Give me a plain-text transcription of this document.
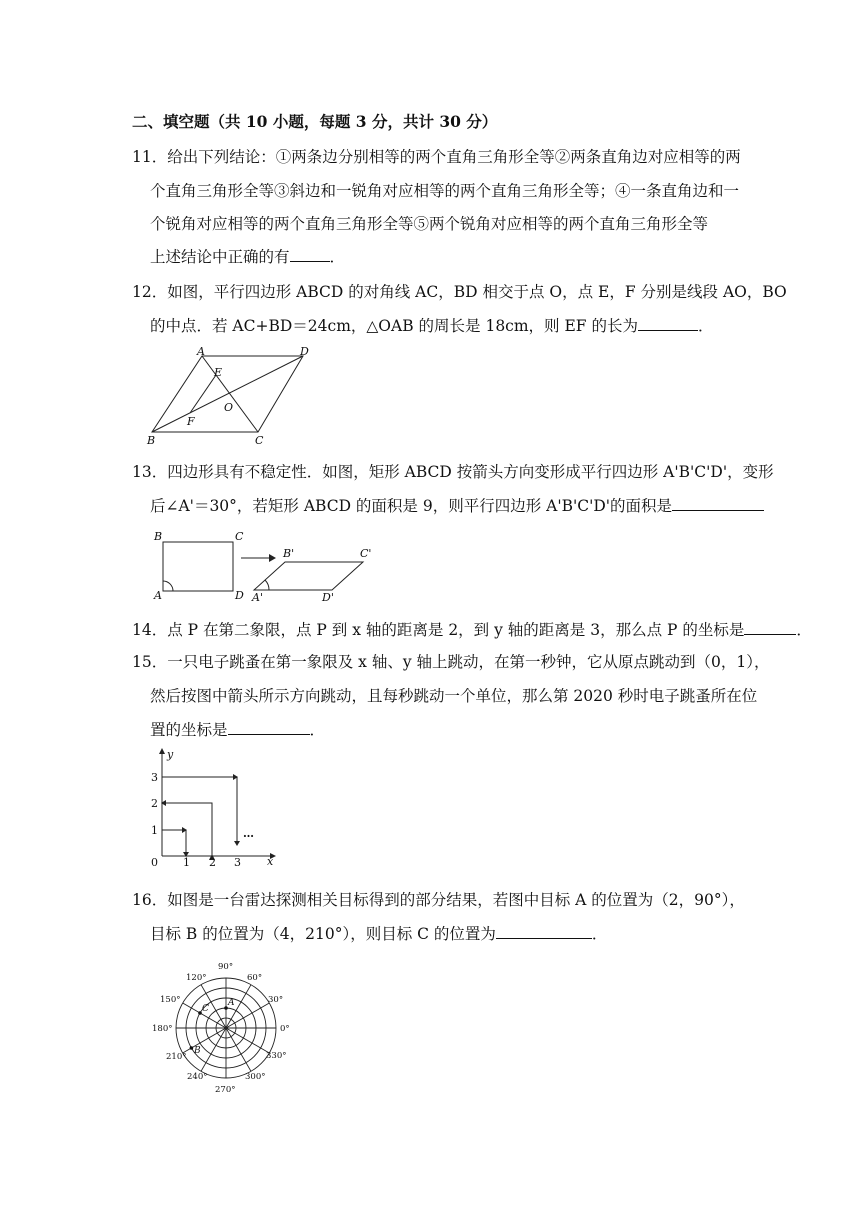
二、填空题（共 10 小题，每题 3 分，共计 30 分）
11．给出下列结论：①两条边分别相等的两个直角三角形全等②两条直角边对应相等的两
个直角三角形全等③斜边和一锐角对应相等的两个直角三角形全等；④一条直角边和一
个锐角对应相等的两个直角三角形全等⑤两个锐角对应相等的两个直角三角形全等
上述结论中正确的有	．
12．如图，平行四边形 ABCD 的对角线 AC，BD 相交于点 O，点 E，F 分别是线段 AO，BO
的中点．若 AC+BD＝24cm，△OAB 的周长是 18cm，则 EF 的长为	．
A	D
B	C
E
O
F
13．四边形具有不稳定性．如图，矩形 ABCD 按箭头方向变形成平行四边形 A'B'C'D'，变形
后∠A'＝30°，若矩形 ABCD 的面积是 9，则平行四边形 A'B'C'D'的面积是
B	C
A	D
B'	C'
A'	D'
14．点 P 在第二象限，点 P 到 x 轴的距离是 2，到 y 轴的距离是 3，那么点 P 的坐标是	．
15．一只电子跳蚤在第一象限及 x 轴、y 轴上跳动，在第一秒钟，它从原点跳动到（0，1），
然后按图中箭头所示方向跳动，且每秒跳动一个单位，那么第 2020 秒时电子跳蚤所在位
置的坐标是	．
y
x
0 1 2 3
1
2
3
…
16．如图是一台雷达探测相关目标得到的部分结果，若图中目标 A 的位置为（2，90°），
目标 B 的位置为（4，210°），则目标 C 的位置为	．
90°
60°
30°
0°
330°
300°
270°
240°
210°
180°
150°
120°
A
B
C
